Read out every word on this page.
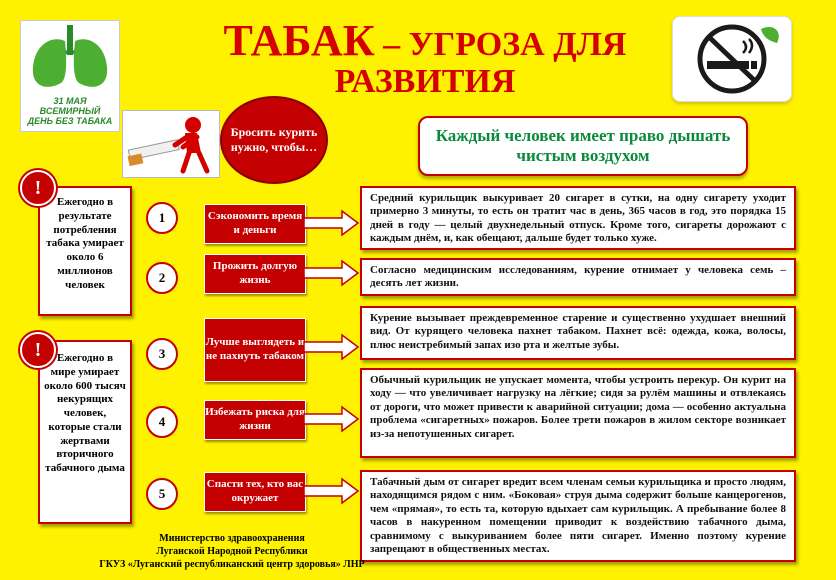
ТАБАК – УГРОЗА ДЛЯ
РАЗВИТИЯ
31 МАЯ ВСЕМИРНЫЙ ДЕНЬ БЕЗ ТАБАКА
Бросить курить нужно, чтобы…
Каждый человек имеет право дышать чистым воздухом
Ежегодно в результате потребления табака умирает около 6 миллионов человек
!
Ежегодно в мире умирает около 600 тысяч некурящих человек, которые стали жертвами вторичного табачного дыма
!
1	Сэкономить время и деньги
Средний курильщик выкуривает 20 сигарет в сутки, на одну сигарету уходит примерно 3 минуты, то есть он тратит час в день, 365 часов в год, это порядка 15 дней в году — целый двухнедельный отпуск. Кроме того, сигареты дорожают с каждым днём, и, как обещают, дальше будет только хуже.
2
Прожить долгую жизнь
Согласно медицинским исследованиям, курение отнимает у человека семь – десять лет жизни.
3
Лучше выглядеть и не пахнуть табаком
Курение вызывает преждевременное старение и существенно ухудшает внешний вид. От курящего человека пахнет табаком. Пахнет всё: одежда, кожа, волосы, плюс неистребимый запах изо рта и желтые зубы.
4
Избежать риска для жизни
Обычный курильщик не упускает момента, чтобы устроить перекур. Он курит на ходу — что увеличивает нагрузку на лёгкие; сидя за рулём машины и отвлекаясь от дороги, что может привести к аварийной ситуации; дома — особенно актуальна проблема «сигаретных» пожаров. Более трети пожаров в жилом секторе возникает из-за непотушенных сигарет.
5
Спасти тех, кто вас окружает
Табачный дым от сигарет вредит всем членам семьи курильщика и просто людям, находящимся рядом с ним. «Боковая» струя дыма содержит больше канцерогенов, чем «прямая», то есть та, которую вдыхает сам курильщик. А пребывание более 8 часов в накуренном помещении приводит к воздействию табачного дыма, сравнимому с выкуриванием более пяти сигарет. Именно поэтому курение запрещают в общественных местах.
Министерство здравоохранения
Луганской Народной Республики
ГКУЗ «Луганский республиканский центр здоровья» ЛНР
